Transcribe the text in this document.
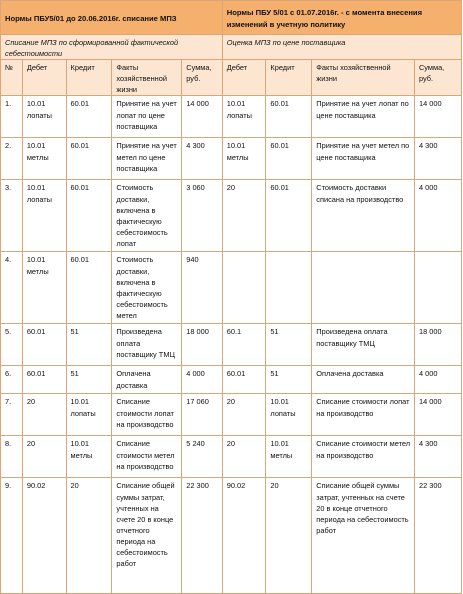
Нормы ПБУ5/01 до 20.06.2016г. списание МПЗ					Нормы ПБУ 5/01 с 01.07.2016г. - с момента внесения изменений в учетную политику			
Списание МПЗ по сформированной фактической себестоимости					Оценка МПЗ по цене поставщика			
№	Дебет	Кредит	Факты хозяйственной жизни	Сумма, руб.	Дебет	Кредит	Факты хозяйственной жизни	Сумма, руб.
1.	10.01 лопаты	60.01	Принятие на учет лопат по цене поставщика	14 000	10.01 лопаты	60.01	Принятие на учет лопат по цене поставщика	14 000
2.	10.01 метлы	60.01	Принятие на учет метел по цене поставщика	4 300	10.01 метлы	60.01	Принятие на учет метел по цене поставщика	4 300
3.	10.01 лопаты	60.01	Стоимость доставки, включена в фактическую себестоимость лопат	3 060	20	60.01	Стоимость доставки списана на производство	4 000
4.	10.01 метлы	60.01	Стоимость доставки, включена в фактическую себестоимость метел	940				
5.	60.01	51	Произведена оплата поставщику ТМЦ	18 000	60.1	51	Произведена оплата поставщику ТМЦ	18 000
6.	60.01	51	Оплачена доставка	4 000	60.01	51	Оплачена доставка	4 000
7.	20	10.01 лопаты	Списание стоимости лопат на производство	17 060	20	10.01 лопаты	Списание стоимости лопат на производство	14 000
8.	20	10.01 метлы	Списание стоимости метел на производство	5 240	20	10.01 метлы	Списание стоимости метел на производство	4 300
9.	90.02	20	Списание общей суммы затрат, учтенных на счете 20 в конце отчетного периода на себестоимость работ	22 300	90.02	20	Списание общей суммы затрат, учтенных на счете 20 в конце отчетного периода на себестоимость работ	22 300
